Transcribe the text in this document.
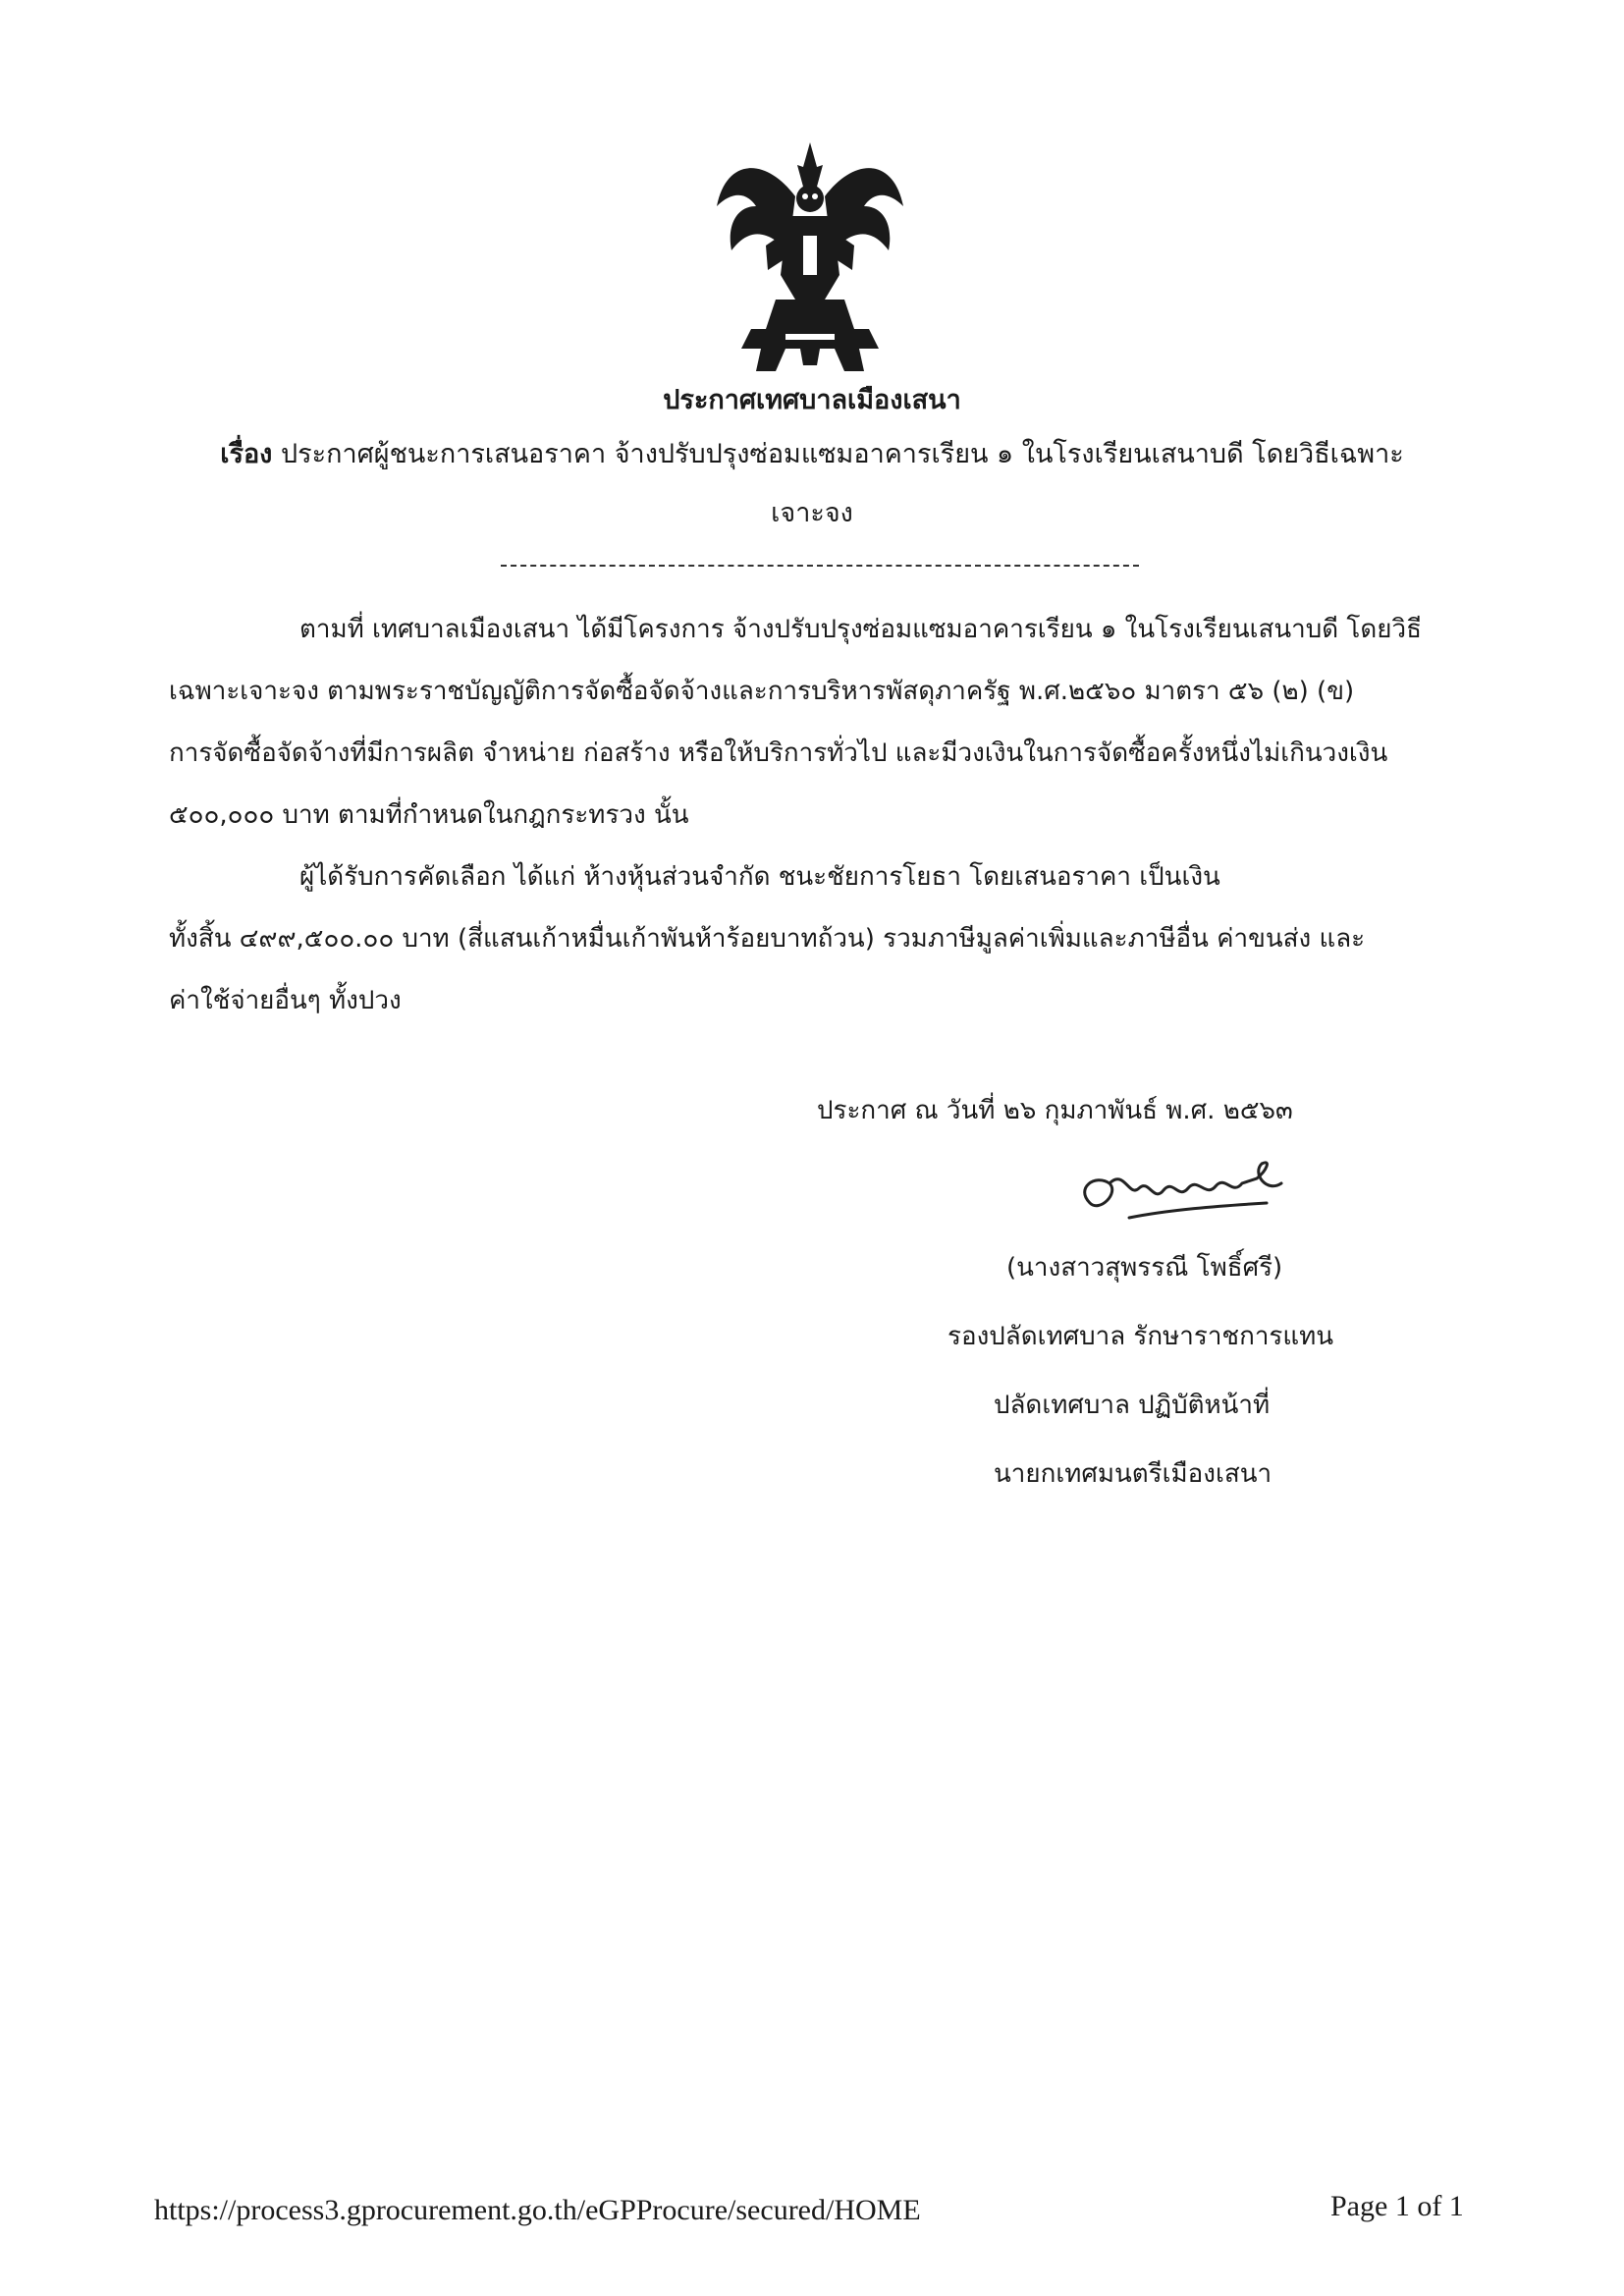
ประกาศเทศบาลเมืองเสนา
เรื่อง ประกาศผู้ชนะการเสนอราคา จ้างปรับปรุงซ่อมแซมอาคารเรียน ๑ ในโรงเรียนเสนาบดี โดยวิธีเฉพาะ
เจาะจง
ตามที่ เทศบาลเมืองเสนา ได้มีโครงการ จ้างปรับปรุงซ่อมแซมอาคารเรียน ๑ ในโรงเรียนเสนาบดี โดยวิธี
เฉพาะเจาะจง ตามพระราชบัญญัติการจัดซื้อจัดจ้างและการบริหารพัสดุภาครัฐ พ.ศ.๒๕๖๐ มาตรา ๕๖ (๒) (ข)
การจัดซื้อจัดจ้างที่มีการผลิต จำหน่าย ก่อสร้าง หรือให้บริการทั่วไป และมีวงเงินในการจัดซื้อครั้งหนึ่งไม่เกินวงเงิน
๕๐๐,๐๐๐ บาท ตามที่กำหนดในกฎกระทรวง นั้น
ผู้ได้รับการคัดเลือก ได้แก่ ห้างหุ้นส่วนจำกัด ชนะชัยการโยธา โดยเสนอราคา เป็นเงิน
ทั้งสิ้น ๔๙๙,๕๐๐.๐๐ บาท (สี่แสนเก้าหมื่นเก้าพันห้าร้อยบาทถ้วน) รวมภาษีมูลค่าเพิ่มและภาษีอื่น ค่าขนส่ง และ
ค่าใช้จ่ายอื่นๆ ทั้งปวง
ประกาศ ณ วันที่ ๒๖ กุมภาพันธ์ พ.ศ. ๒๕๖๓
(นางสาวสุพรรณี โพธิ์ศรี)
รองปลัดเทศบาล รักษาราชการแทน
ปลัดเทศบาล ปฏิบัติหน้าที่
นายกเทศมนตรีเมืองเสนา
https://process3.gprocurement.go.th/eGPProcure/secured/HOME	Page 1 of 1
